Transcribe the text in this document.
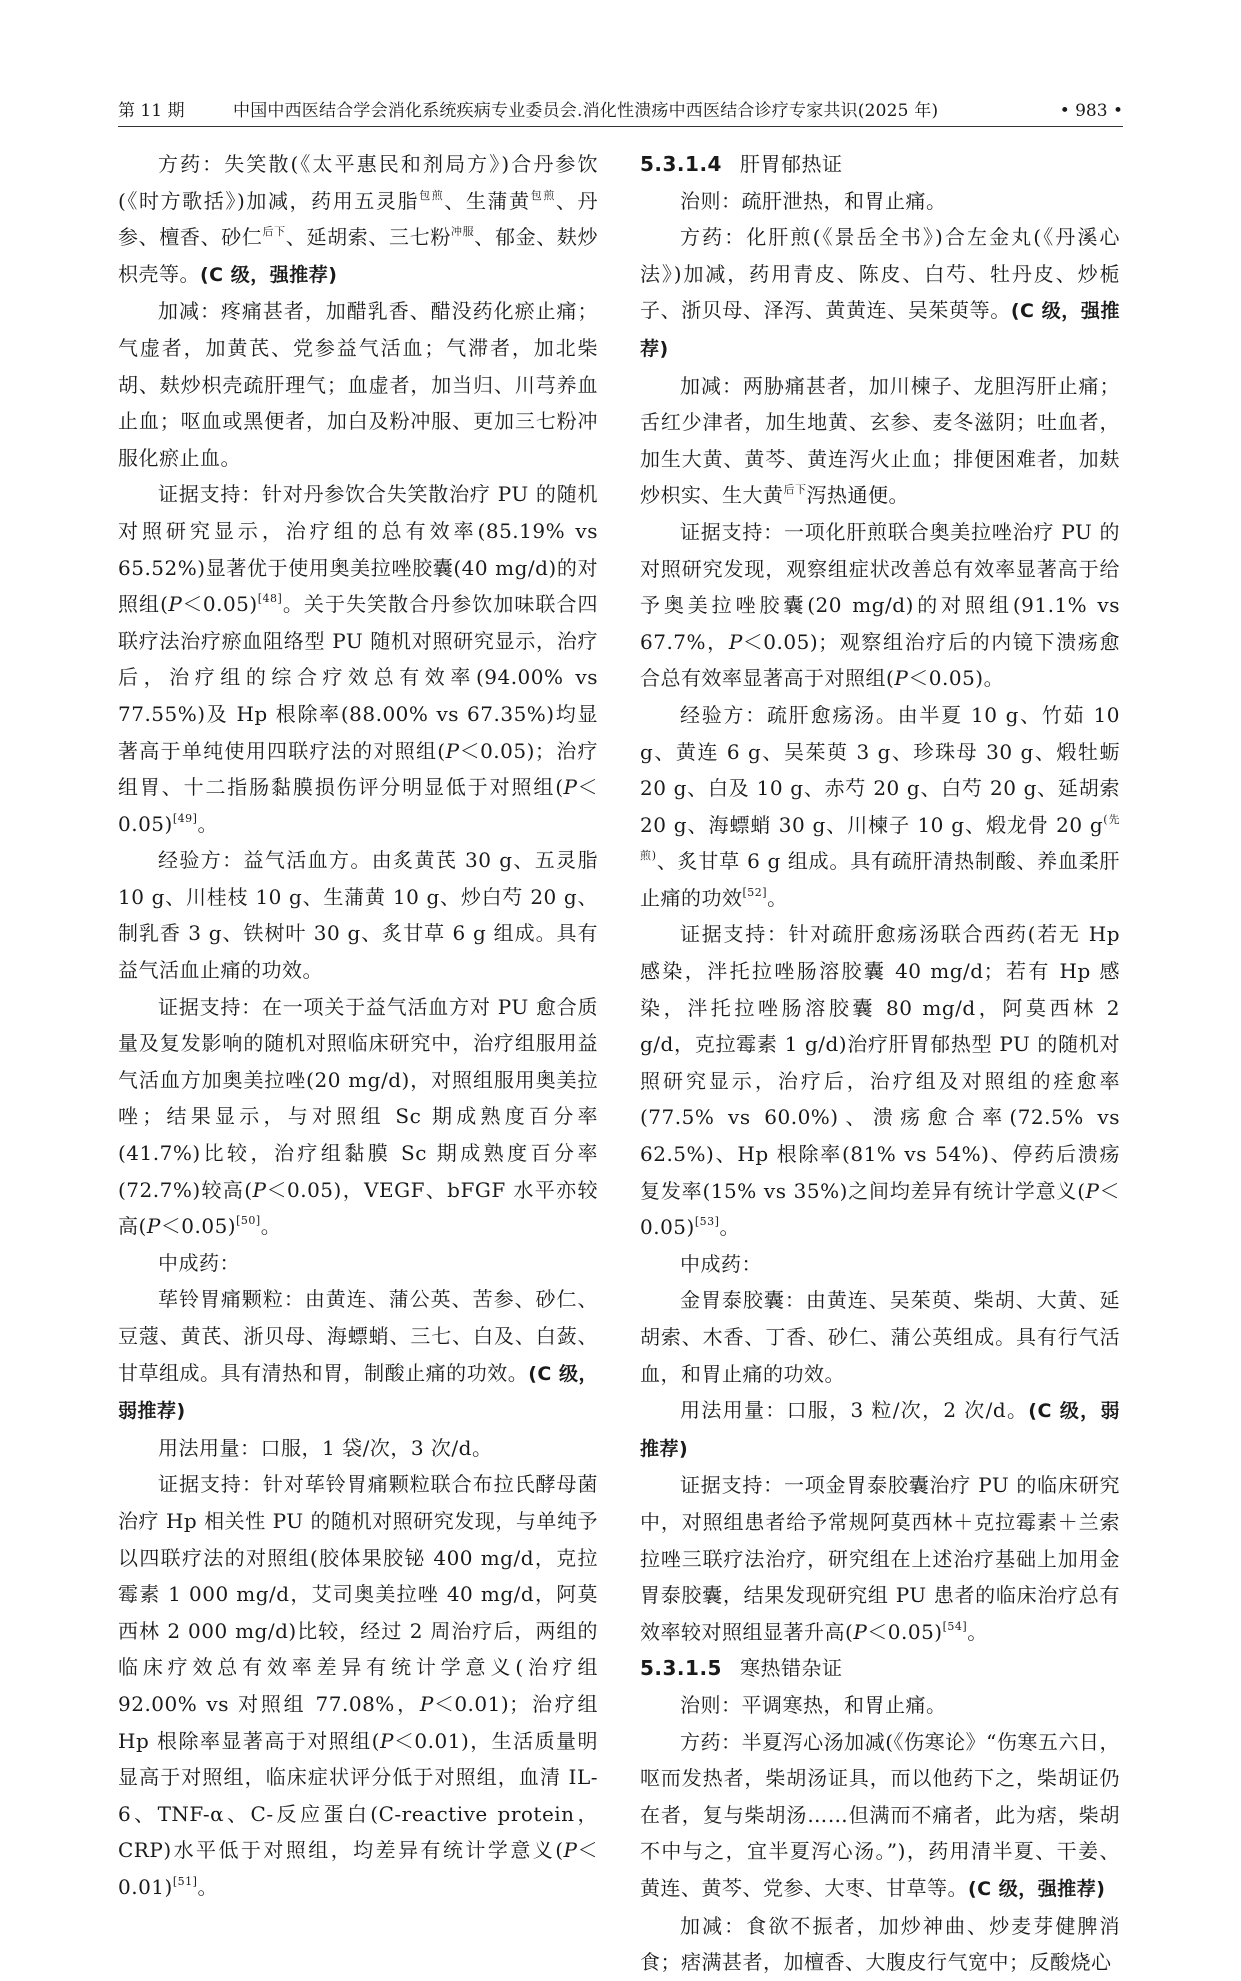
第 11 期	中国中西医结合学会消化系统疾病专业委员会.消化性溃疡中西医结合诊疗专家共识(2025 年)	• 983 •

方药：失笑散(《太平惠民和剂局方》)合丹参饮(《时方歌括》)加减，药用五灵脂$^{包煎}$、生蒲黄$^{包煎}$、丹参、檀香、砂仁$^{后下}$、延胡索、三七粉$^{冲服}$、郁金、麸炒枳壳等。(C 级，强推荐)

加减：疼痛甚者，加醋乳香、醋没药化瘀止痛；气虚者，加黄芪、党参益气活血；气滞者，加北柴胡、麸炒枳壳疏肝理气；血虚者，加当归、川芎养血止血；呕血或黑便者，加白及粉冲服、更加三七粉冲服化瘀止血。

证据支持：针对丹参饮合失笑散治疗 PU 的随机对照研究显示，治疗组的总有效率(85.19% vs 65.52%)显著优于使用奥美拉唑胶囊(40 mg/d)的对照组(P＜0.05)[48]。关于失笑散合丹参饮加味联合四联疗法治疗瘀血阻络型 PU 随机对照研究显示，治疗后，治疗组的综合疗效总有效率(94.00% vs 77.55%)及 Hp 根除率(88.00% vs 67.35%)均显著高于单纯使用四联疗法的对照组(P＜0.05)；治疗组胃、十二指肠黏膜损伤评分明显低于对照组(P＜0.05)[49]。

经验方：益气活血方。由炙黄芪 30 g、五灵脂 10 g、川桂枝 10 g、生蒲黄 10 g、炒白芍 20 g、制乳香 3 g、铁树叶 30 g、炙甘草 6 g 组成。具有益气活血止痛的功效。

证据支持：在一项关于益气活血方对 PU 愈合质量及复发影响的随机对照临床研究中，治疗组服用益气活血方加奥美拉唑(20 mg/d)，对照组服用奥美拉唑；结果显示，与对照组 Sc 期成熟度百分率(41.7%)比较，治疗组黏膜 Sc 期成熟度百分率(72.7%)较高(P＜0.05)，VEGF、bFGF 水平亦较高(P＜0.05)[50]。

中成药：

荜铃胃痛颗粒：由黄连、蒲公英、苦参、砂仁、豆蔻、黄芪、浙贝母、海螵蛸、三七、白及、白蔹、甘草组成。具有清热和胃，制酸止痛的功效。(C 级，弱推荐)

用法用量：口服，1 袋/次，3 次/d。

证据支持：针对荜铃胃痛颗粒联合布拉氏酵母菌治疗 Hp 相关性 PU 的随机对照研究发现，与单纯予以四联疗法的对照组(胶体果胶铋 400 mg/d，克拉霉素 1 000 mg/d，艾司奥美拉唑 40 mg/d，阿莫西林 2 000 mg/d)比较，经过 2 周治疗后，两组的临床疗效总有效率差异有统计学意义(治疗组 92.00% vs 对照组 77.08%，P＜0.01)；治疗组 Hp 根除率显著高于对照组(P＜0.01)，生活质量明显高于对照组，临床症状评分低于对照组，血清 IL-6、TNF-α、C-反应蛋白(C-reactive protein，CRP)水平低于对照组，均差异有统计学意义(P＜0.01)[51]。

5.3.1.4 肝胃郁热证

治则：疏肝泄热，和胃止痛。

方药：化肝煎(《景岳全书》)合左金丸(《丹溪心法》)加减，药用青皮、陈皮、白芍、牡丹皮、炒栀子、浙贝母、泽泻、黄黄连、吴茱萸等。(C 级，强推荐)

加减：两胁痛甚者，加川楝子、龙胆泻肝止痛；舌红少津者，加生地黄、玄参、麦冬滋阴；吐血者，加生大黄、黄芩、黄连泻火止血；排便困难者，加麸炒枳实、生大黄$^{后下}$泻热通便。

证据支持：一项化肝煎联合奥美拉唑治疗 PU 的对照研究发现，观察组症状改善总有效率显著高于给予奥美拉唑胶囊(20 mg/d)的对照组(91.1% vs 67.7%，P＜0.05)；观察组治疗后的内镜下溃疡愈合总有效率显著高于对照组(P＜0.05)。

经验方：疏肝愈疡汤。由半夏 10 g、竹茹 10 g、黄连 6 g、吴茱萸 3 g、珍珠母 30 g、煅牡蛎 20 g、白及 10 g、赤芍 20 g、白芍 20 g、延胡索 20 g、海螵蛸 30 g、川楝子 10 g、煅龙骨 20 $g^{(先煎)}$、炙甘草 6 g 组成。具有疏肝清热制酸、养血柔肝止痛的功效[52]。

证据支持：针对疏肝愈疡汤联合西药(若无 Hp 感染，泮托拉唑肠溶胶囊 40 mg/d；若有 Hp 感染，泮托拉唑肠溶胶囊 80 mg/d，阿莫西林 2 g/d，克拉霉素 1 g/d)治疗肝胃郁热型 PU 的随机对照研究显示，治疗后，治疗组及对照组的痊愈率(77.5% vs 60.0%)、溃疡愈合率(72.5% vs 62.5%)、Hp 根除率(81% vs 54%)、停药后溃疡复发率(15% vs 35%)之间均差异有统计学意义(P＜0.05)[53]。

中成药：

金胃泰胶囊：由黄连、吴茱萸、柴胡、大黄、延胡索、木香、丁香、砂仁、蒲公英组成。具有行气活血，和胃止痛的功效。

用法用量：口服，3 粒/次，2 次/d。(C 级，弱推荐)

证据支持：一项金胃泰胶囊治疗 PU 的临床研究中，对照组患者给予常规阿莫西林＋克拉霉素＋兰索拉唑三联疗法治疗，研究组在上述治疗基础上加用金胃泰胶囊，结果发现研究组 PU 患者的临床治疗总有效率较对照组显著升高(P＜0.05)[54]。

5.3.1.5 寒热错杂证

治则：平调寒热，和胃止痛。

方药：半夏泻心汤加减(《伤寒论》“伤寒五六日，呕而发热者，柴胡汤证具，而以他药下之，柴胡证仍在者，复与柴胡汤……但满而不痛者，此为痞，柴胡不中与之，宜半夏泻心汤。”)，药用清半夏、干姜、黄连、黄芩、党参、大枣、甘草等。(C 级，强推荐)

加减：食欲不振者，加炒神曲、炒麦芽健脾消食；痞满甚者，加檀香、大腹皮行气宽中；反酸烧心
